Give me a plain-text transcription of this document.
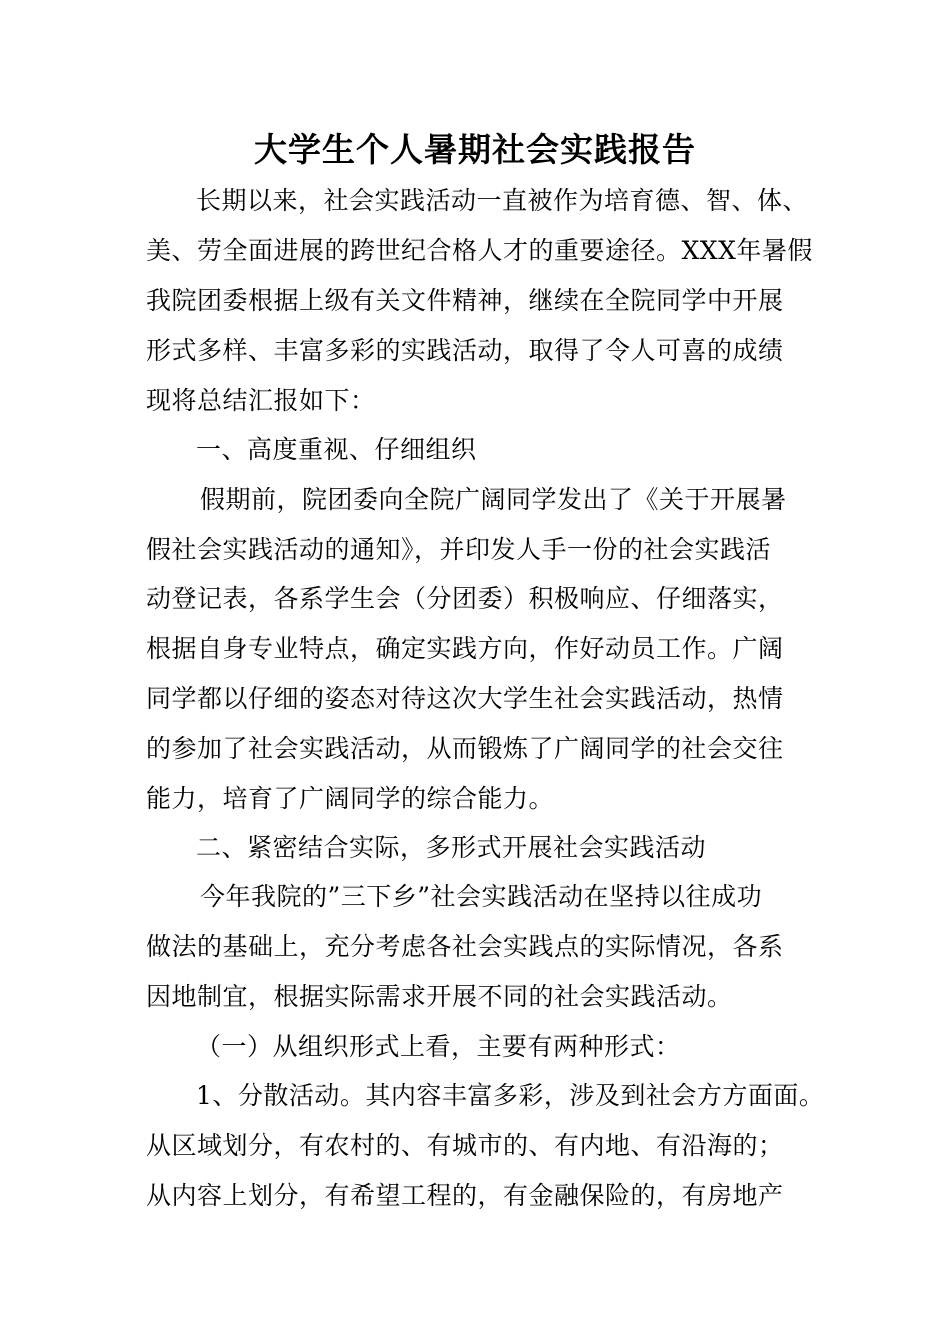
大学生个人暑期社会实践报告
长期以来，社会实践活动一直被作为培育德、智、体、
美、劳全面进展的跨世纪合格人才的重要途径。XXX年暑假
我院团委根据上级有关文件精神，继续在全院同学中开展
形式多样、丰富多彩的实践活动，取得了令人可喜的成绩
现将总结汇报如下：
一、高度重视、仔细组织
假期前，院团委向全院广阔同学发出了《关于开展暑
假社会实践活动的通知》，并印发人手一份的社会实践活
动登记表，各系学生会（分团委）积极响应、仔细落实，
根据自身专业特点，确定实践方向，作好动员工作。广阔
同学都以仔细的姿态对待这次大学生社会实践活动，热情
的参加了社会实践活动，从而锻炼了广阔同学的社会交往
能力，培育了广阔同学的综合能力。
二、紧密结合实际，多形式开展社会实践活动
今年我院的”三下乡”社会实践活动在坚持以往成功
做法的基础上，充分考虑各社会实践点的实际情况，各系
因地制宜，根据实际需求开展不同的社会实践活动。
（一）从组织形式上看，主要有两种形式：
1、分散活动。其内容丰富多彩，涉及到社会方方面面。
从区域划分，有农村的、有城市的、有内地、有沿海的；
从内容上划分，有希望工程的，有金融保险的，有房地产
